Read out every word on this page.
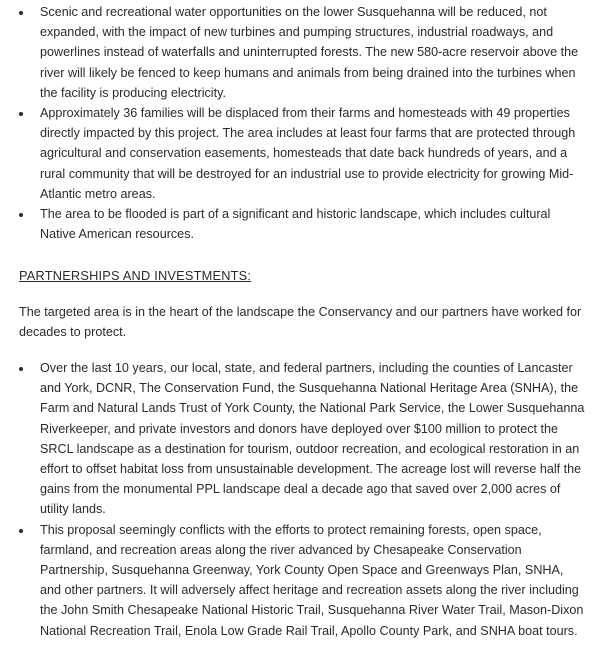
Scenic and recreational water opportunities on the lower Susquehanna will be reduced, not expanded, with the impact of new turbines and pumping structures, industrial roadways, and powerlines instead of waterfalls and uninterrupted forests. The new 580-acre reservoir above the river will likely be fenced to keep humans and animals from being drained into the turbines when the facility is producing electricity.
Approximately 36 families will be displaced from their farms and homesteads with 49 properties directly impacted by this project. The area includes at least four farms that are protected through agricultural and conservation easements, homesteads that date back hundreds of years, and a rural community that will be destroyed for an industrial use to provide electricity for growing Mid-Atlantic metro areas.
The area to be flooded is part of a significant and historic landscape, which includes cultural Native American resources.
PARTNERSHIPS AND INVESTMENTS:

The targeted area is in the heart of the landscape the Conservancy and our partners have worked for decades to protect.

Over the last 10 years, our local, state, and federal partners, including the counties of Lancaster and York, DCNR, The Conservation Fund, the Susquehanna National Heritage Area (SNHA), the Farm and Natural Lands Trust of York County, the National Park Service, the Lower Susquehanna Riverkeeper, and private investors and donors have deployed over $100 million to protect the SRCL landscape as a destination for tourism, outdoor recreation, and ecological restoration in an effort to offset habitat loss from unsustainable development. The acreage lost will reverse half the gains from the monumental PPL landscape deal a decade ago that saved over 2,000 acres of utility lands.
This proposal seemingly conflicts with the efforts to protect remaining forests, open space, farmland, and recreation areas along the river advanced by Chesapeake Conservation Partnership, Susquehanna Greenway, York County Open Space and Greenways Plan, SNHA, and other partners. It will adversely affect heritage and recreation assets along the river including the John Smith Chesapeake National Historic Trail, Susquehanna River Water Trail, Mason-Dixon National Recreation Trail, Enola Low Grade Rail Trail, Apollo County Park, and SNHA boat tours.
